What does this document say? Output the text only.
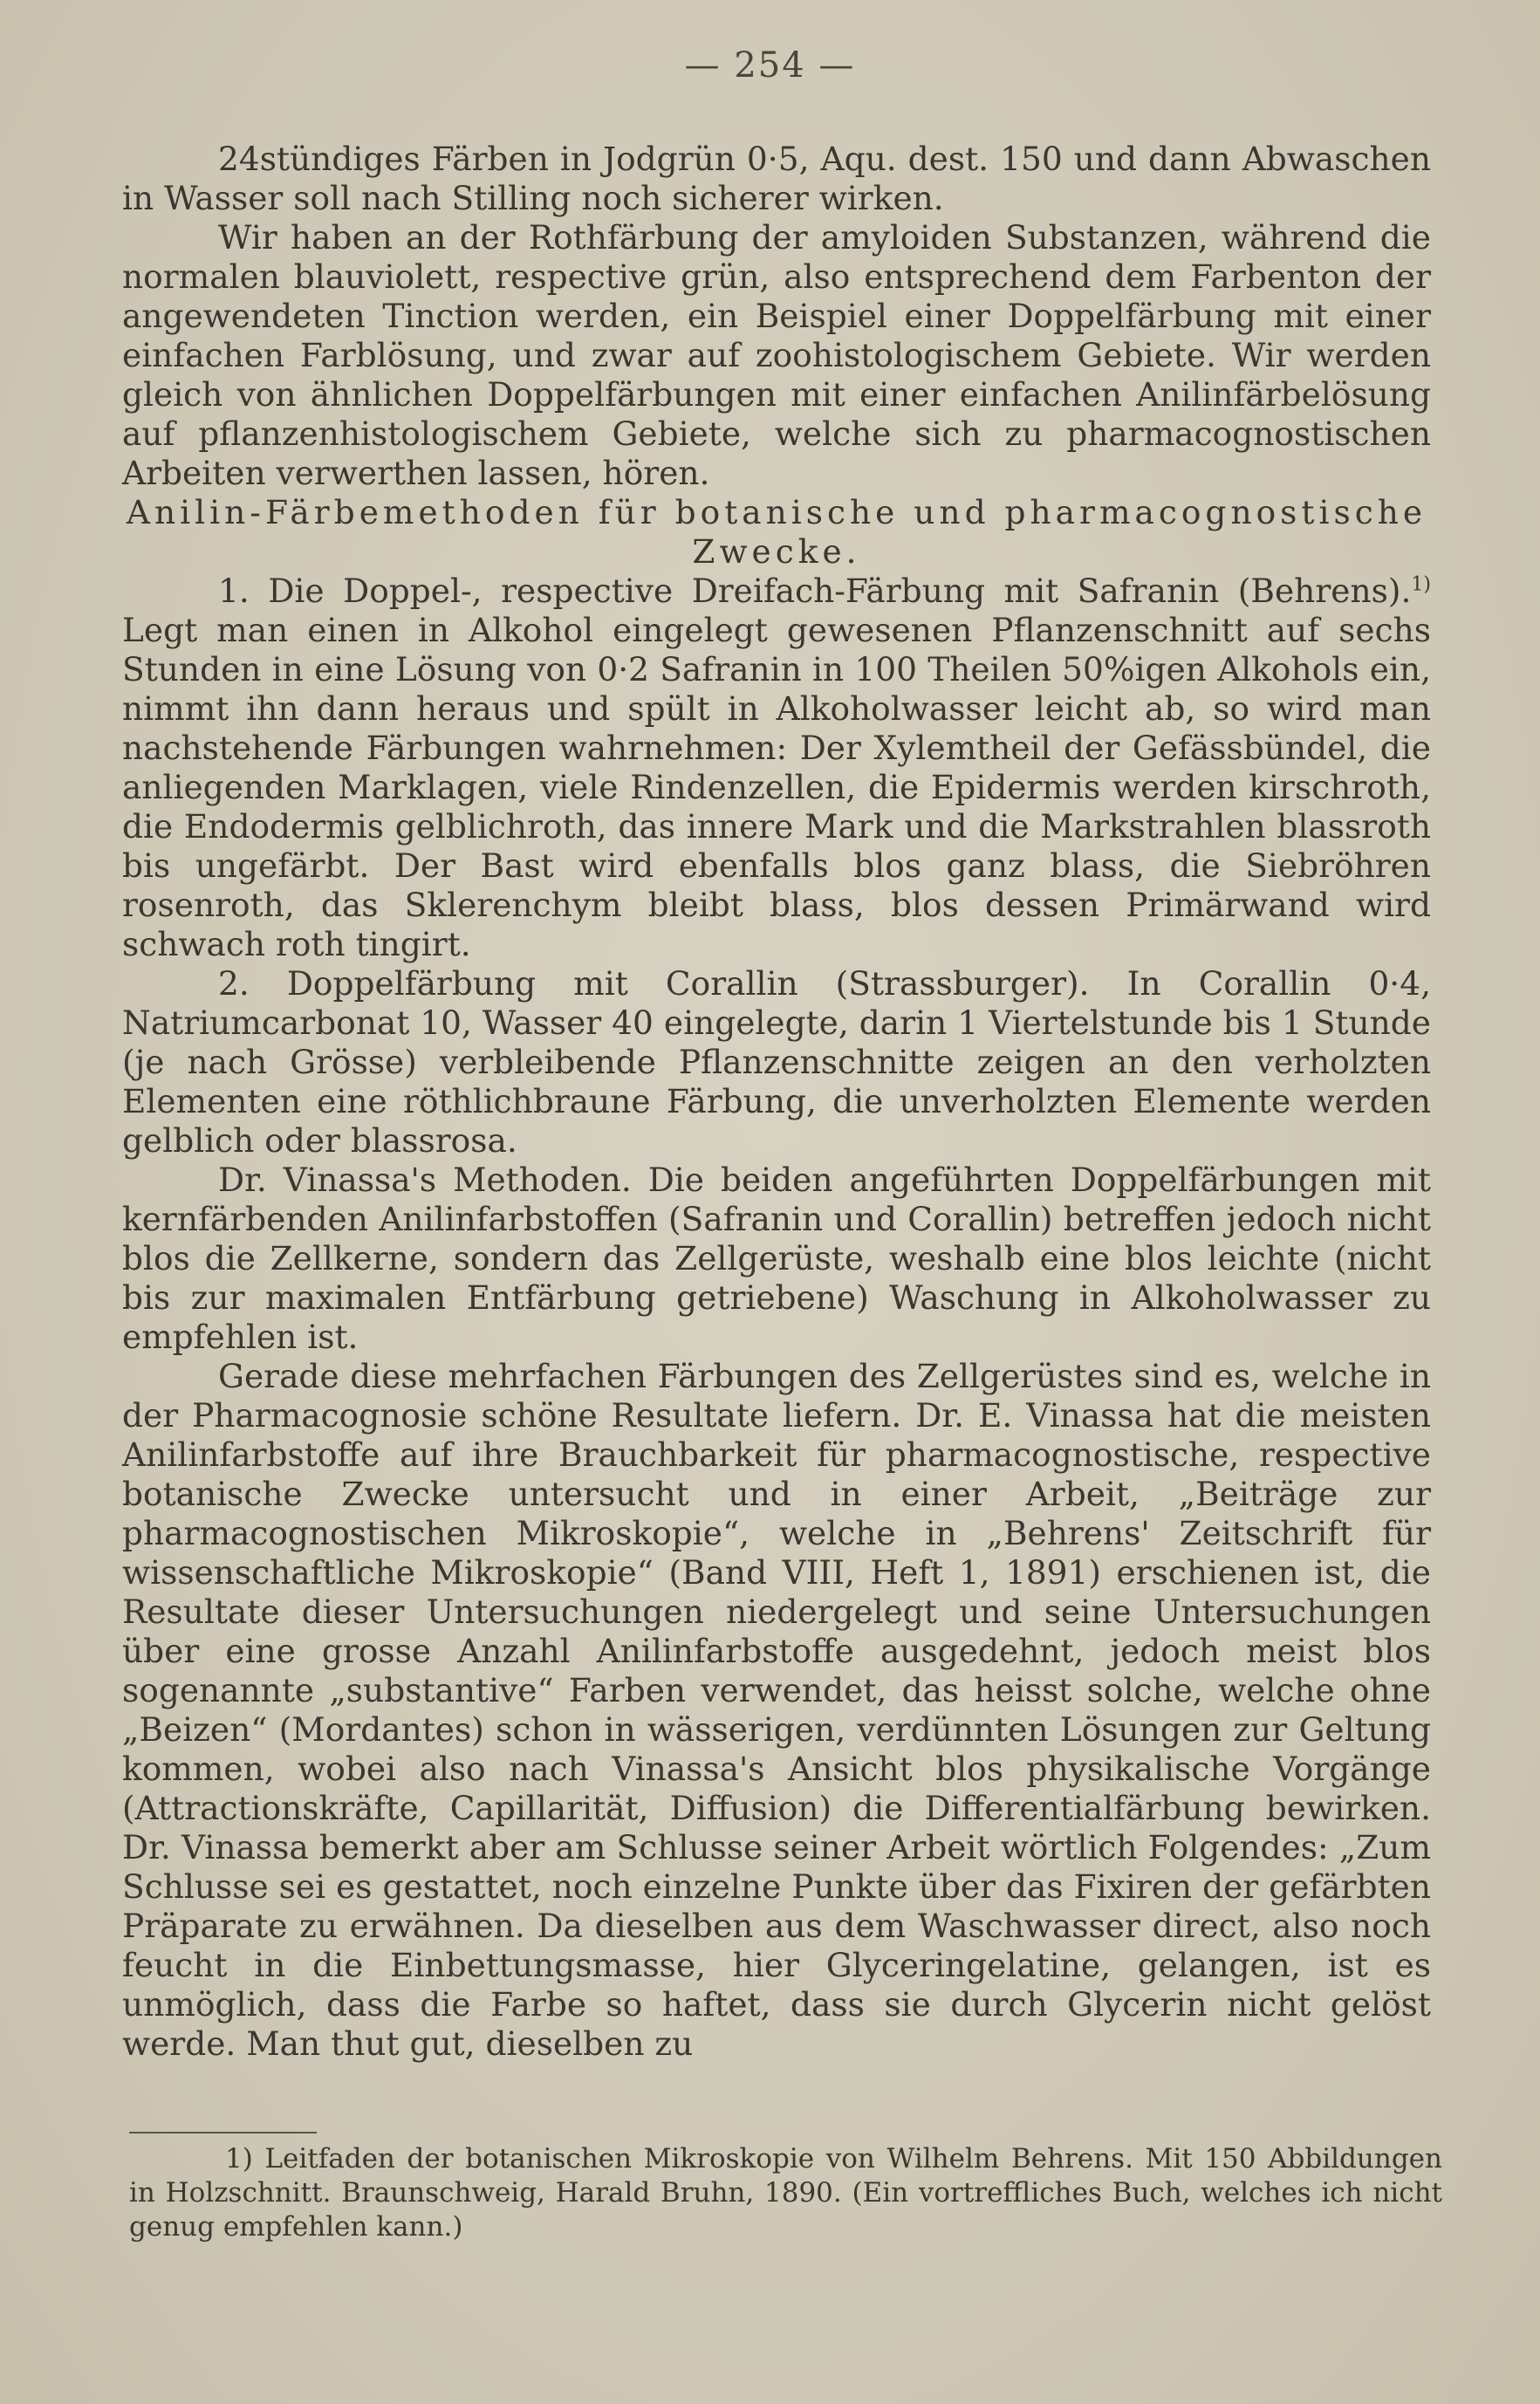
— 254 —

24stündiges Färben in Jodgrün 0·5, Aqu. dest. 150 und dann Abwaschen in Wasser soll nach Stilling noch sicherer wirken.

Wir haben an der Rothfärbung der amyloiden Substanzen, während die normalen blauviolett, respective grün, also entsprechend dem Farbenton der angewendeten Tinction werden, ein Beispiel einer Doppelfärbung mit einer einfachen Farblösung, und zwar auf zoohistologischem Gebiete. Wir werden gleich von ähnlichen Doppelfärbungen mit einer einfachen Anilinfärbelösung auf pflanzenhistologischem Gebiete, welche sich zu pharmacognostischen Arbeiten verwerthen lassen, hören.

Anilin-Färbemethoden für botanische und pharmacognostische Zwecke.

1. Die Doppel-, respective Dreifach-Färbung mit Safranin (Behrens).$^{1)}$ Legt man einen in Alkohol eingelegt gewesenen Pflanzenschnitt auf sechs Stunden in eine Lösung von 0·2 Safranin in 100 Theilen 50%igen Alkohols ein, nimmt ihn dann heraus und spült in Alkoholwasser leicht ab, so wird man nachstehende Färbungen wahrnehmen: Der Xylemtheil der Gefässbündel, die anliegenden Marklagen, viele Rindenzellen, die Epidermis werden kirschroth, die Endodermis gelblichroth, das innere Mark und die Markstrahlen blassroth bis ungefärbt. Der Bast wird ebenfalls blos ganz blass, die Siebröhren rosenroth, das Sklerenchym bleibt blass, blos dessen Primärwand wird schwach roth tingirt.

2. Doppelfärbung mit Corallin (Strassburger). In Corallin 0·4, Natriumcarbonat 10, Wasser 40 eingelegte, darin 1 Viertelstunde bis 1 Stunde (je nach Grösse) verbleibende Pflanzenschnitte zeigen an den verholzten Elementen eine röthlichbraune Färbung, die unverholzten Elemente werden gelblich oder blassrosa.

Dr. Vinassa's Methoden. Die beiden angeführten Doppelfärbungen mit kernfärbenden Anilinfarbstoffen (Safranin und Corallin) betreffen jedoch nicht blos die Zellkerne, sondern das Zellgerüste, weshalb eine blos leichte (nicht bis zur maximalen Entfärbung getriebene) Waschung in Alkoholwasser zu empfehlen ist.

Gerade diese mehrfachen Färbungen des Zellgerüstes sind es, welche in der Pharmacognosie schöne Resultate liefern. Dr. E. Vinassa hat die meisten Anilinfarbstoffe auf ihre Brauchbarkeit für pharmacognostische, respective botanische Zwecke untersucht und in einer Arbeit, „Beiträge zur pharmacognostischen Mikroskopie“, welche in „Behrens' Zeitschrift für wissenschaftliche Mikroskopie“ (Band VIII, Heft 1, 1891) erschienen ist, die Resultate dieser Untersuchungen niedergelegt und seine Untersuchungen über eine grosse Anzahl Anilinfarbstoffe ausgedehnt, jedoch meist blos sogenannte „substantive“ Farben verwendet, das heisst solche, welche ohne „Beizen“ (Mordantes) schon in wässerigen, verdünnten Lösungen zur Geltung kommen, wobei also nach Vinassa's Ansicht blos physikalische Vorgänge (Attractionskräfte, Capillarität, Diffusion) die Differentialfärbung bewirken. Dr. Vinassa bemerkt aber am Schlusse seiner Arbeit wörtlich Folgendes: „Zum Schlusse sei es gestattet, noch einzelne Punkte über das Fixiren der gefärbten Präparate zu erwähnen. Da dieselben aus dem Waschwasser direct, also noch feucht in die Einbettungsmasse, hier Glyceringelatine, gelangen, ist es unmöglich, dass die Farbe so haftet, dass sie durch Glycerin nicht gelöst werde. Man thut gut, dieselben zu

1) Leitfaden der botanischen Mikroskopie von Wilhelm Behrens. Mit 150 Abbildungen in Holzschnitt. Braunschweig, Harald Bruhn, 1890. (Ein vortreffliches Buch, welches ich nicht genug empfehlen kann.)
